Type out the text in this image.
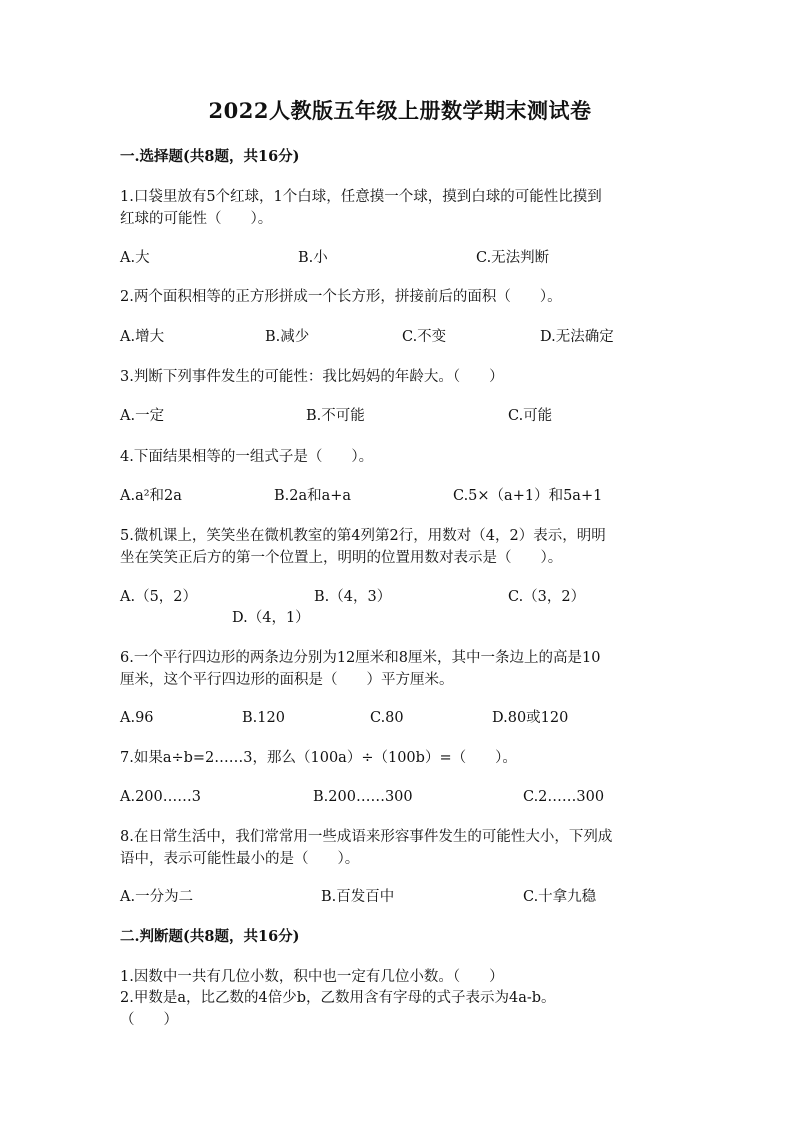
2022人教版五年级上册数学期末测试卷
一.选择题(共8题，共16分)
1.口袋里放有5个红球，1个白球，任意摸一个球，摸到白球的可能性比摸到
红球的可能性（　　）。
A.大	B.小	C.无法判断
2.两个面积相等的正方形拼成一个长方形，拼接前后的面积（　　）。
A.增大	B.减少	C.不变	D.无法确定
3.判断下列事件发生的可能性：我比妈妈的年龄大。（　　）
A.一定	B.不可能	C.可能
4.下面结果相等的一组式子是（　　）。
A.a²和2a	B.2a和a+a	C.5×（a+1）和5a+1
5.微机课上，笑笑坐在微机教室的第4列第2行，用数对（4，2）表示，明明
坐在笑笑正后方的第一个位置上，明明的位置用数对表示是（　　）。
A.（5，2）	B.（4，3）	C.（3，2）
D.（4，1）
6.一个平行四边形的两条边分别为12厘米和8厘米，其中一条边上的高是10
厘米，这个平行四边形的面积是（　　）平方厘米。
A.96	B.120	C.80	D.80或120
7.如果a÷b=2……3，那么（100a）÷（100b）=（　　）。
A.200……3	B.200……300	C.2……300
8.在日常生活中，我们常常用一些成语来形容事件发生的可能性大小，下列成
语中，表示可能性最小的是（　　）。
A.一分为二	B.百发百中	C.十拿九稳
二.判断题(共8题，共16分)
1.因数中一共有几位小数，积中也一定有几位小数。（　　）
2.甲数是a，比乙数的4倍少b，乙数用含有字母的式子表示为4a-b。
（　　）
